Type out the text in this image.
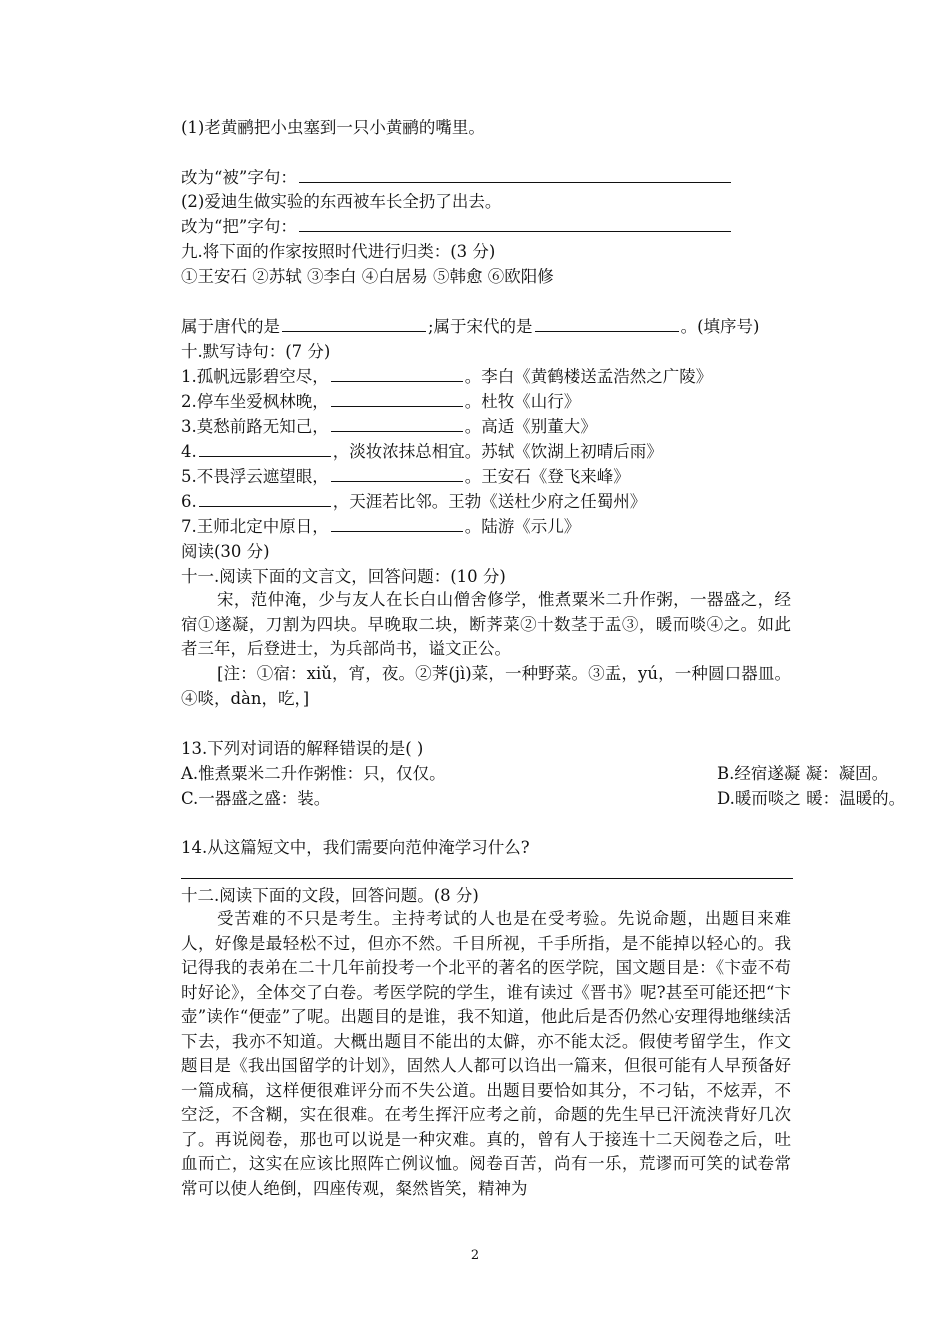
(1)老黄鹂把小虫塞到一只小黄鹂的嘴里。
改为“被”字句：
(2)爱迪生做实验的东西被车长全扔了出去。
改为“把”字句：
九.将下面的作家按照时代进行归类：(3 分)
①王安石 ②苏轼 ③李白 ④白居易 ⑤韩愈 ⑥欧阳修
属于唐代的是	;属于宋代的是	。(填序号)
十.默写诗句：(7 分)
1.孤帆远影碧空尽，	。李白《黄鹤楼送孟浩然之广陵》
2.停车坐爱枫林晚，	。杜牧《山行》
3.莫愁前路无知己，	。高适《别董大》
4.	，淡妆浓抹总相宜。苏轼《饮湖上初晴后雨》
5.不畏浮云遮望眼，	。王安石《登飞来峰》
6.	，天涯若比邻。王勃《送杜少府之任蜀州》
7.王师北定中原日，	。陆游《示儿》
阅读(30 分)
十一.阅读下面的文言文，回答问题：(10 分)

宋，范仲淹，少与友人在长白山僧舍修学，惟煮粟米二升作粥，一器盛之，经宿①遂凝，刀割为四块。早晚取二块，断荠菜②十数茎于盂③，暖而啖④之。如此者三年，后登进士，为兵部尚书，谥文正公。

[注：①宿：xiǔ，宵，夜。②荠(jì)菜，一种野菜。③盂，yú，一种圆口器皿。④啖，dàn，吃，]

13.下列对词语的解释错误的是( )
A.惟煮粟米二升作粥惟：只，仅仅。	B.经宿遂凝 凝：凝固。
C.一器盛之盛：装。	D.暖而啖之 暖：温暖的。
14.从这篇短文中，我们需要向范仲淹学习什么?
十二.阅读下面的文段，回答问题。(8 分)

受苦难的不只是考生。主持考试的人也是在受考验。先说命题，出题目来难人，好像是最轻松不过，但亦不然。千目所视，千手所指，是不能掉以轻心的。我记得我的表弟在二十几年前投考一个北平的著名的医学院，国文题目是：《卞壶不苟时好论》，全体交了白卷。考医学院的学生，谁有读过《晋书》呢?甚至可能还把“卞壶”读作“便壶”了呢。出题目的是谁，我不知道，他此后是否仍然心安理得地继续活下去，我亦不知道。大概出题目不能出的太僻，亦不能太泛。假使考留学生，作文题目是《我出国留学的计划》，固然人人都可以诌出一篇来，但很可能有人早预备好一篇成稿，这样便很难评分而不失公道。出题目要恰如其分，不刁钻，不炫弄，不空泛，不含糊，实在很难。在考生挥汗应考之前，命题的先生早已汗流浃背好几次了。再说阅卷，那也可以说是一种灾难。真的，曾有人于接连十二天阅卷之后，吐血而亡，这实在应该比照阵亡例议恤。阅卷百苦，尚有一乐，荒谬而可笑的试卷常常可以使人绝倒，四座传观，粲然皆笑，精神为

2
